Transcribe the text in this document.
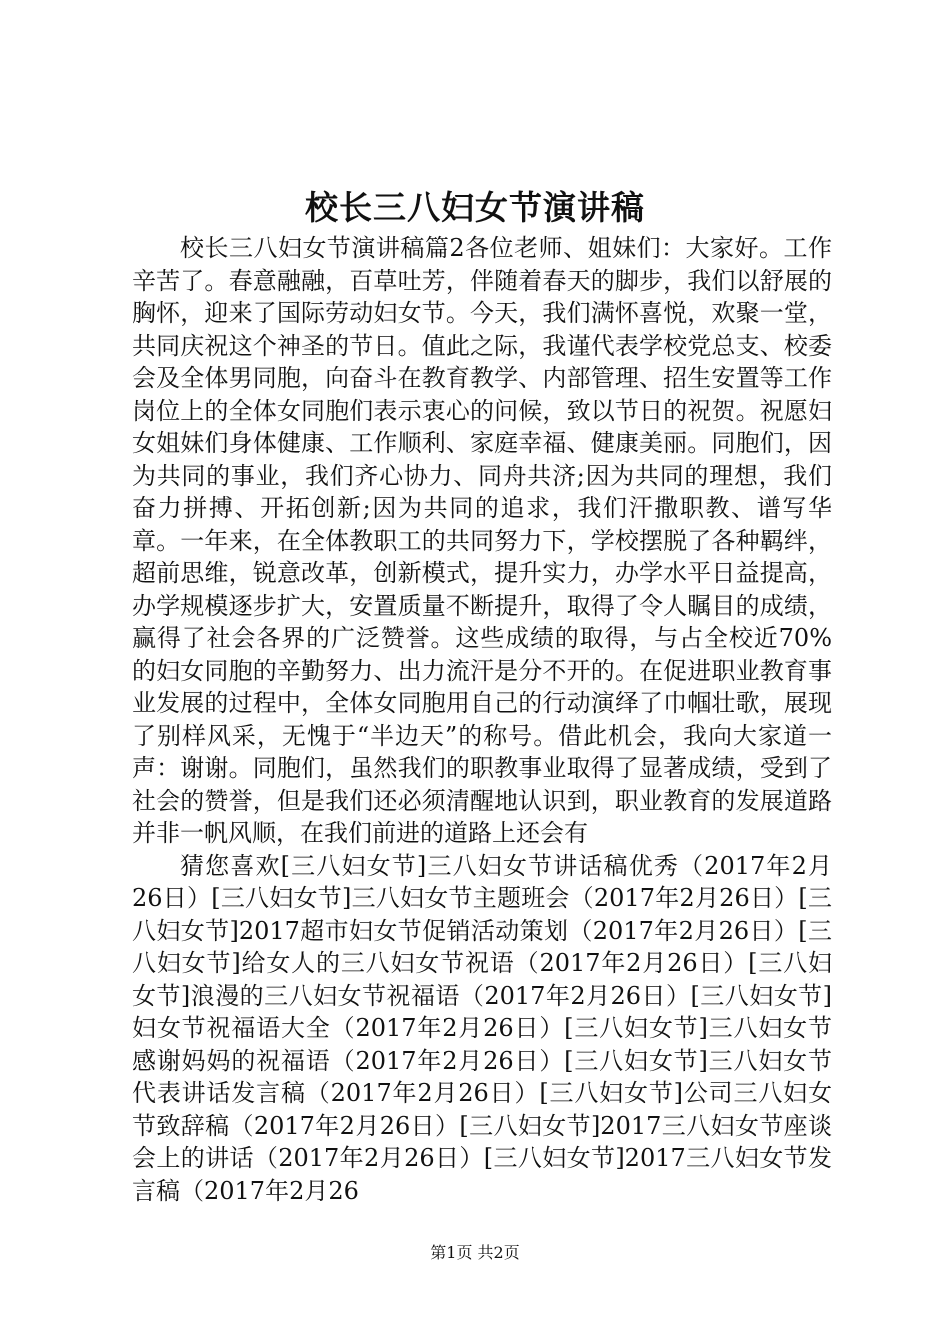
校长三八妇女节演讲稿

校长三八妇女节演讲稿篇2各位老师、姐妹们：大家好。工作辛苦了。春意融融，百草吐芳，伴随着春天的脚步，我们以舒展的胸怀，迎来了国际劳动妇女节。今天，我们满怀喜悦，欢聚一堂，共同庆祝这个神圣的节日。值此之际，我谨代表学校党总支、校委会及全体男同胞，向奋斗在教育教学、内部管理、招生安置等工作岗位上的全体女同胞们表示衷心的问候，致以节日的祝贺。祝愿妇女姐妹们身体健康、工作顺利、家庭幸福、健康美丽。同胞们，因为共同的事业，我们齐心协力、同舟共济;因为共同的理想，我们奋力拼搏、开拓创新;因为共同的追求，我们汗撒职教、谱写华章。一年来，在全体教职工的共同努力下，学校摆脱了各种羁绊，超前思维，锐意改革，创新模式，提升实力，办学水平日益提高，办学规模逐步扩大，安置质量不断提升，取得了令人瞩目的成绩，赢得了社会各界的广泛赞誉。这些成绩的取得，与占全校近70%的妇女同胞的辛勤努力、出力流汗是分不开的。在促进职业教育事业发展的过程中，全体女同胞用自己的行动演绎了巾帼壮歌，展现了别样风采，无愧于“半边天”的称号。借此机会，我向大家道一声：谢谢。同胞们，虽然我们的职教事业取得了显著成绩，受到了社会的赞誉，但是我们还必须清醒地认识到，职业教育的发展道路并非一帆风顺，在我们前进的道路上还会有

猜您喜欢[三八妇女节]三八妇女节讲话稿优秀（2017年2月26日）[三八妇女节]三八妇女节主题班会（2017年2月26日）[三八妇女节]2017超市妇女节促销活动策划（2017年2月26日）[三八妇女节]给女人的三八妇女节祝语（2017年2月26日）[三八妇女节]浪漫的三八妇女节祝福语（2017年2月26日）[三八妇女节]妇女节祝福语大全（2017年2月26日）[三八妇女节]三八妇女节感谢妈妈的祝福语（2017年2月26日）[三八妇女节]三八妇女节代表讲话发言稿（2017年2月26日）[三八妇女节]公司三八妇女节致辞稿（2017年2月26日）[三八妇女节]2017三八妇女节座谈会上的讲话（2017年2月26日）[三八妇女节]2017三八妇女节发言稿（2017年2月26

第1页 共2页
